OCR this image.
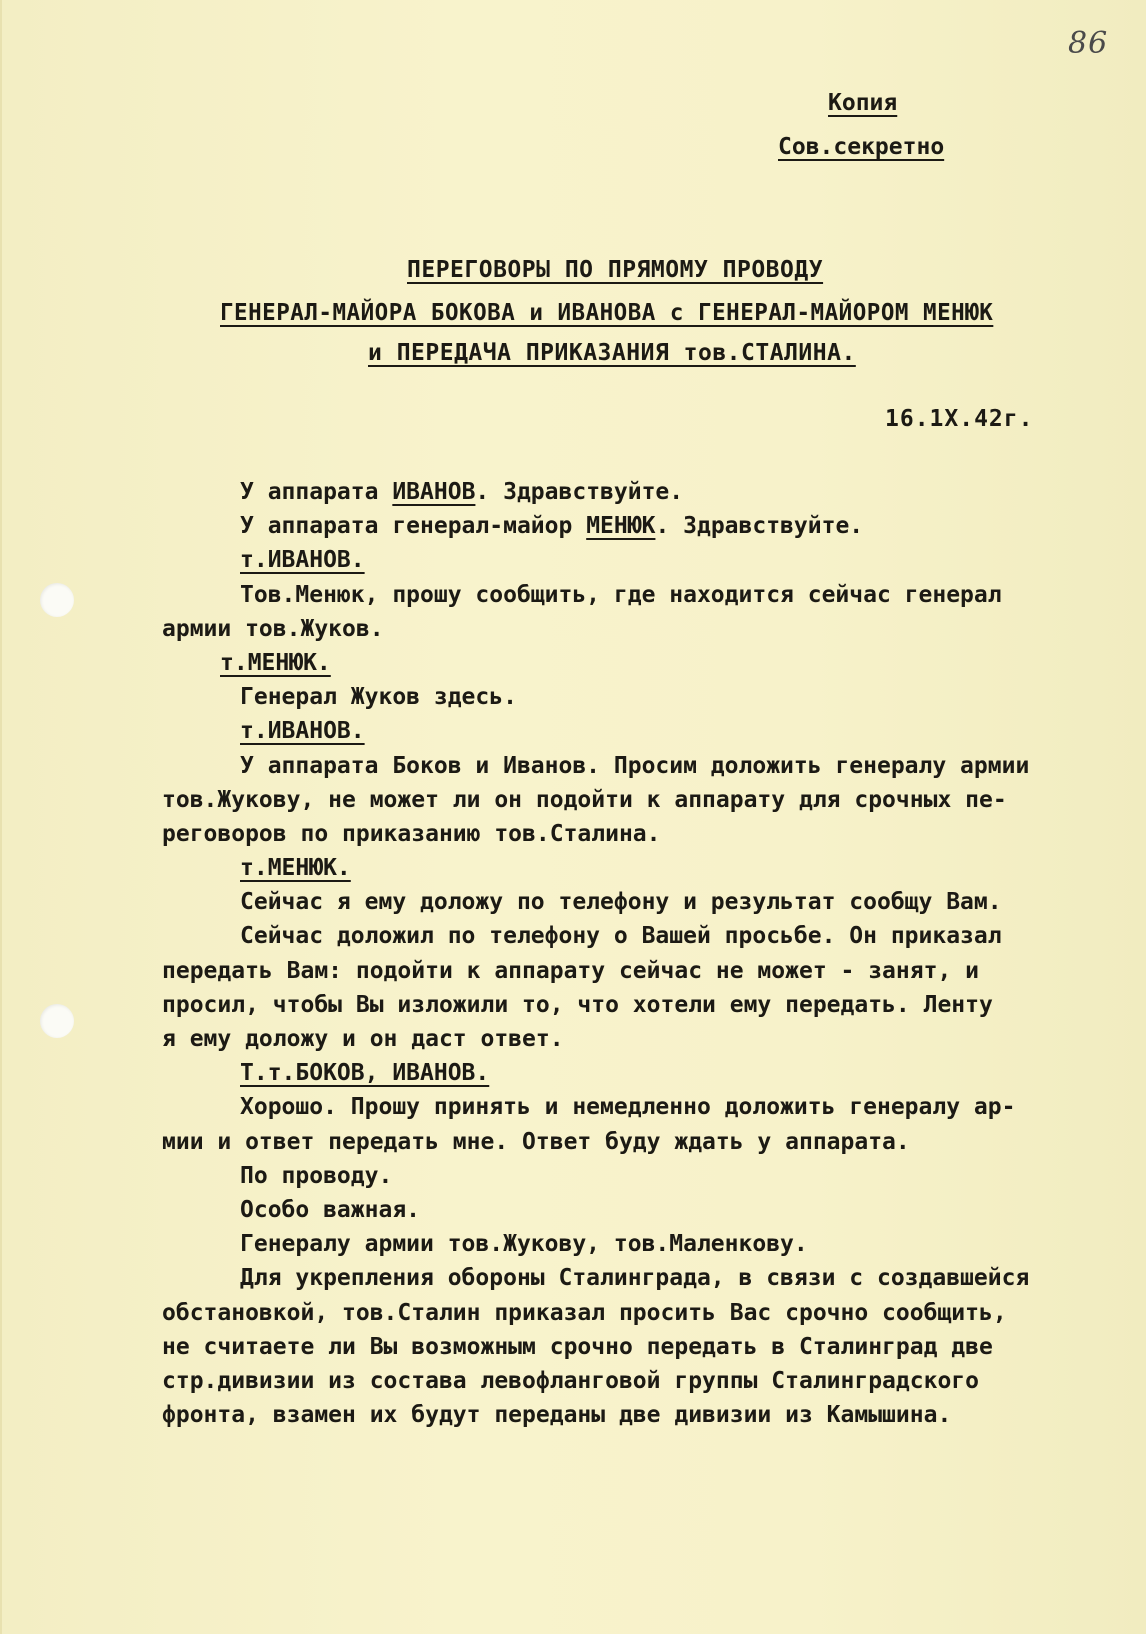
86
Копия
Сов.секретно
ПЕРЕГОВОРЫ ПО ПРЯМОМУ ПРОВОДУ
ГЕНЕРАЛ-МАЙОРА БОКОВА и ИВАНОВА с ГЕНЕРАЛ-МАЙОРОМ МЕНЮК
и ПЕРЕДАЧА ПРИКАЗАНИЯ тов.СТАЛИНА.
16.1Х.42г.
У аппарата ИВАНОВ. Здравствуйте.
У аппарата генерал-майор МЕНЮК. Здравствуйте.
т.ИВАНОВ.
Тов.Менюк, прошу сообщить, где находится сейчас генерал
армии тов.Жуков.
т.МЕНЮК.
Генерал Жуков здесь.
т.ИВАНОВ.
У аппарата Боков и Иванов. Просим доложить генералу армии
тов.Жукову, не может ли он подойти к аппарату для срочных пе-
реговоров по приказанию тов.Сталина.
т.МЕНЮК.
Сейчас я ему доложу по телефону и результат сообщу Вам.
Сейчас доложил по телефону о Вашей просьбе. Он приказал
передать Вам: подойти к аппарату сейчас не может - занят, и
просил, чтобы Вы изложили то, что хотели ему передать. Ленту
я ему доложу и он даст ответ.
Т.т.БОКОВ, ИВАНОВ.
Хорошо. Прошу принять и немедленно доложить генералу ар-
мии и ответ передать мне. Ответ буду ждать у аппарата.
По проводу.
Особо важная.
Генералу армии тов.Жукову, тов.Маленкову.
Для укрепления обороны Сталинграда, в связи с создавшейся
обстановкой, тов.Сталин приказал просить Вас срочно сообщить,
не считаете ли Вы возможным срочно передать в Сталинград две
стр.дивизии из состава левофланговой группы Сталинградского
фронта, взамен их будут переданы две дивизии из Камышина.
